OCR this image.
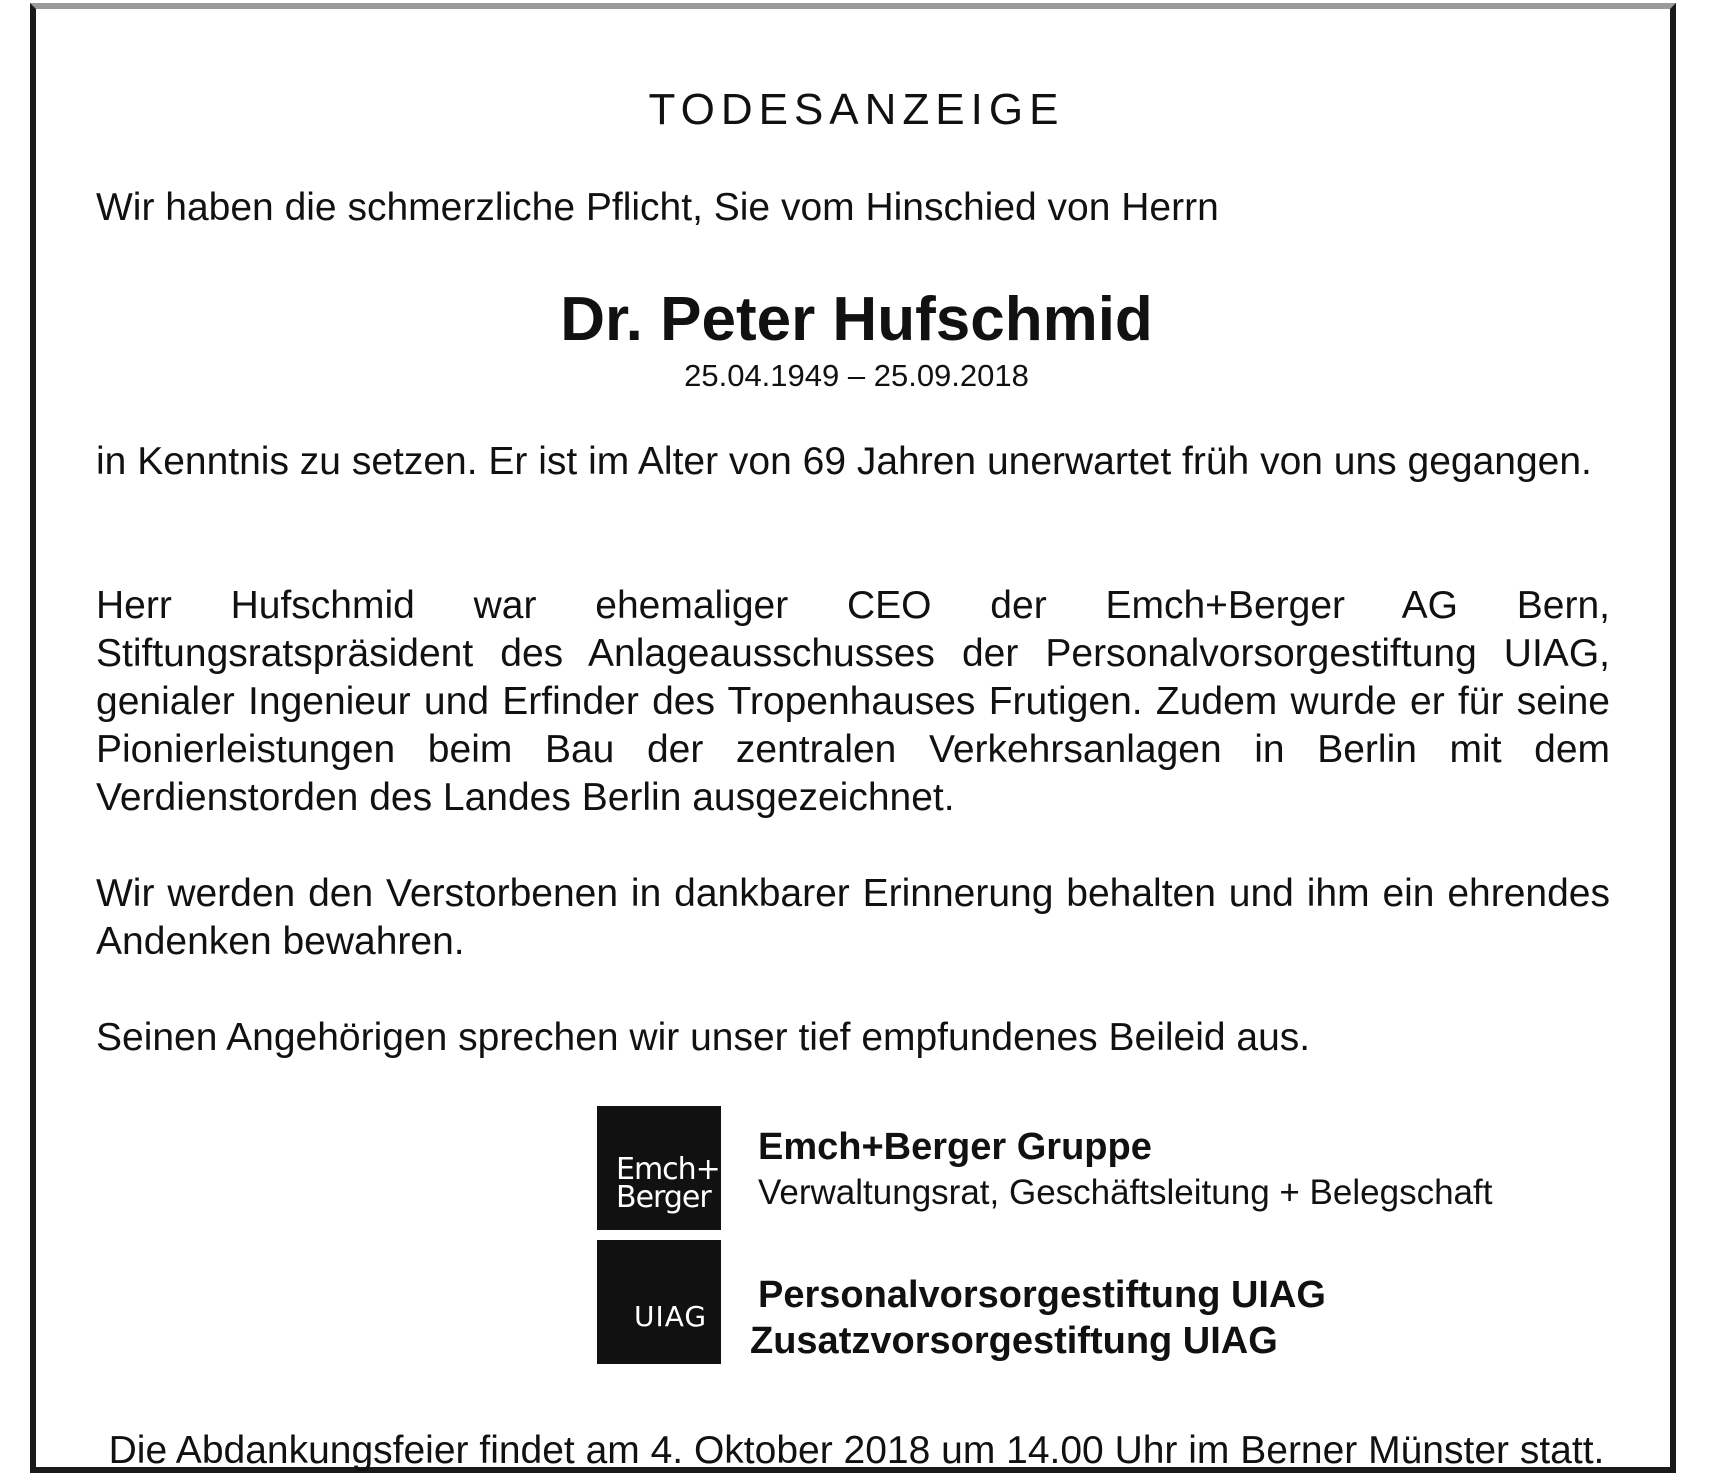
TODESANZEIGE

Wir haben die schmerzliche Pflicht, Sie vom Hinschied von Herrn

Dr. Peter Hufschmid
25.04.1949 – 25.09.2018

in Kenntnis zu setzen. Er ist im Alter von 69 Jahren unerwartet früh von uns gegangen.

Herr Hufschmid war ehemaliger CEO der Emch+Berger AG Bern, Stiftungsratspräsident des Anlageausschusses der Personalvorsorgestiftung UIAG, genialer Ingenieur und Erfinder des Tropenhauses Frutigen. Zudem wurde er für seine Pionierleistungen beim Bau der zentralen Verkehrsanlagen in Berlin mit dem Verdienstorden des Landes Berlin ausgezeichnet.

Wir werden den Verstorbenen in dankbarer Erinnerung behalten und ihm ein ehrendes Andenken bewahren.

Seinen Angehörigen sprechen wir unser tief empfundenes Beileid aus.

Emch+
Berger
Emch+Berger Gruppe
Verwaltungsrat, Geschäftsleitung + Belegschaft
UIAG
Personalvorsorgestiftung UIAG
Zusatzvorsorgestiftung UIAG
Die Abdankungsfeier findet am 4. Oktober 2018 um 14.00 Uhr im Berner Münster statt.
